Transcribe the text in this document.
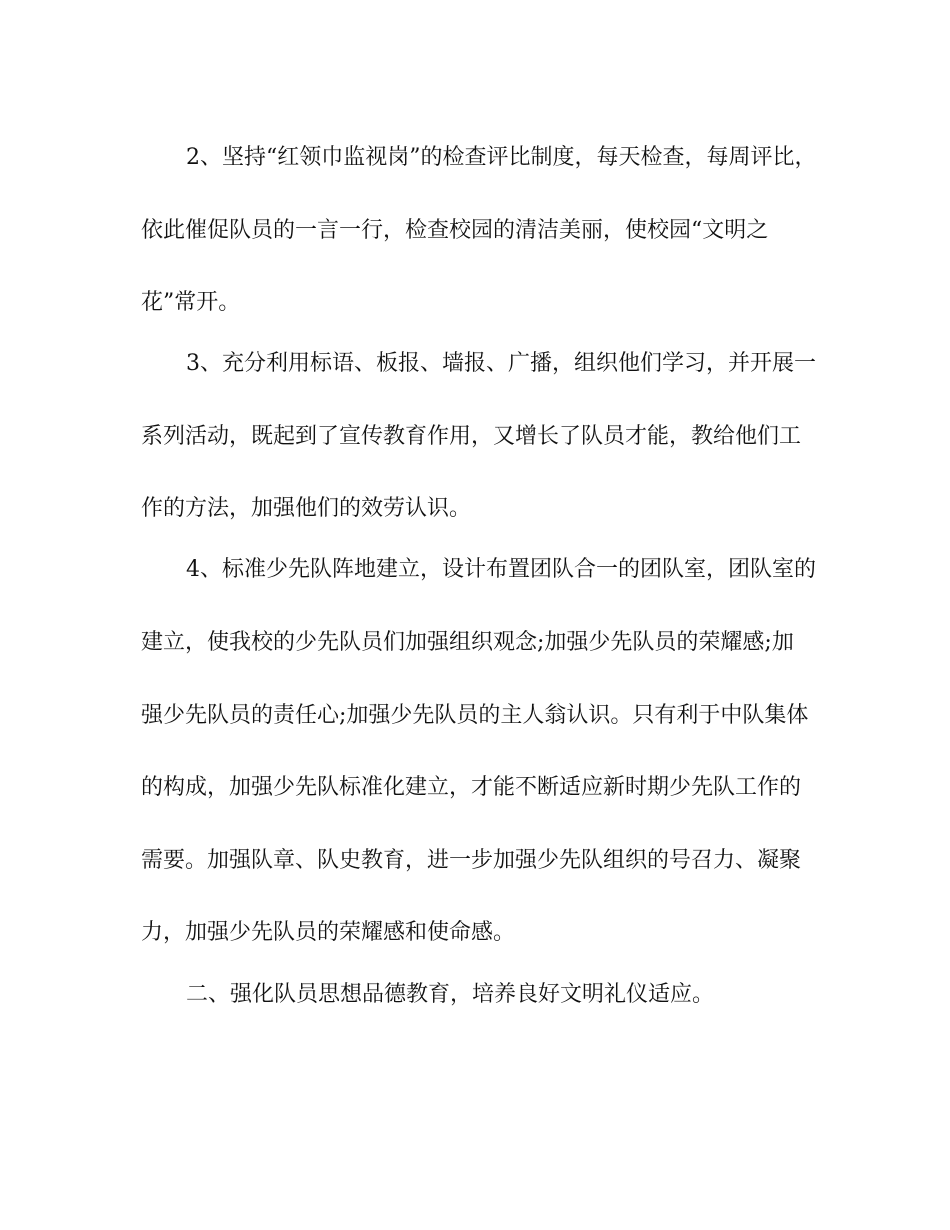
2、坚持“红领巾监视岗”的检查评比制度，每天检查，每周评比，
依此催促队员的一言一行，检查校园的清洁美丽，使校园“文明之
花”常开。
3、充分利用标语、板报、墙报、广播，组织他们学习，并开展一
系列活动，既起到了宣传教育作用，又增长了队员才能，教给他们工
作的方法，加强他们的效劳认识。
4、标准少先队阵地建立，设计布置团队合一的团队室，团队室的
建立，使我校的少先队员们加强组织观念;加强少先队员的荣耀感;加
强少先队员的责任心;加强少先队员的主人翁认识。只有利于中队集体
的构成，加强少先队标准化建立，才能不断适应新时期少先队工作的
需要。加强队章、队史教育，进一步加强少先队组织的号召力、凝聚
力，加强少先队员的荣耀感和使命感。
二、强化队员思想品德教育，培养良好文明礼仪适应。
